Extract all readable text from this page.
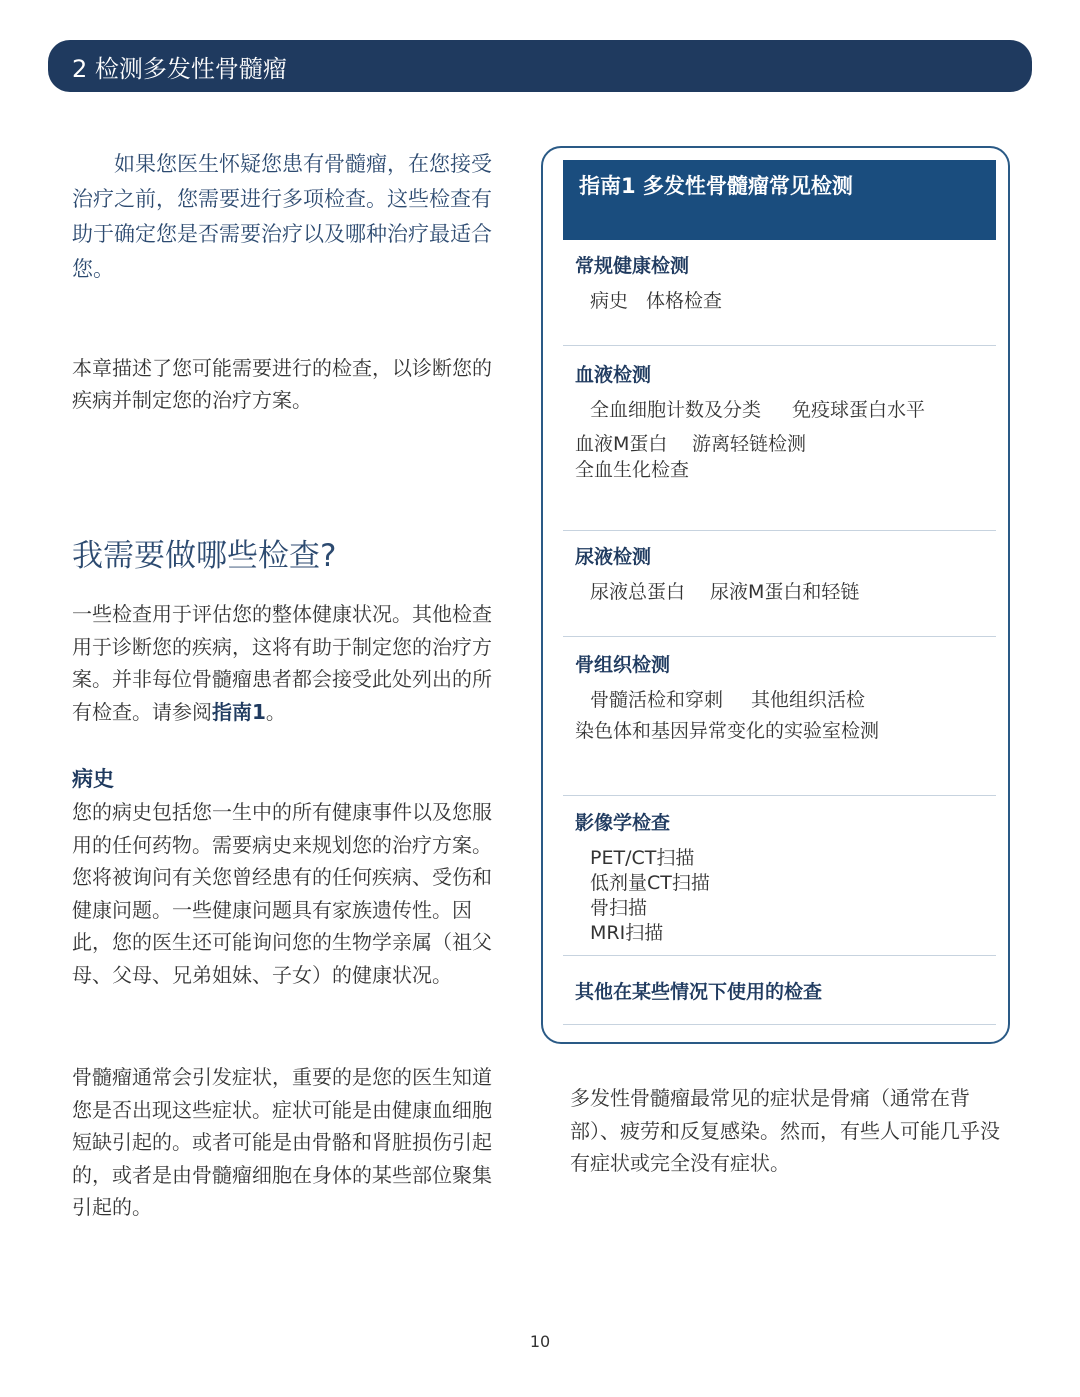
2 检测多发性骨髓瘤

如果您医生怀疑您患有骨髓瘤，在您接受治疗之前，您需要进行多项检查。这些检查有助于确定您是否需要治疗以及哪种治疗最适合您。

本章描述了您可能需要进行的检查，以诊断您的疾病并制定您的治疗方案。

我需要做哪些检查?

一些检查用于评估您的整体健康状况。其他检查用于诊断您的疾病，这将有助于制定您的治疗方案。并非每位骨髓瘤患者都会接受此处列出的所有检查。请参阅指南1。

病史

您的病史包括您一生中的所有健康事件以及您服用的任何药物。需要病史来规划您的治疗方案。您将被询问有关您曾经患有的任何疾病、受伤和健康问题。一些健康问题具有家族遗传性。因此，您的医生还可能询问您的生物学亲属（祖父母、父母、兄弟姐妹、子女）的健康状况。

骨髓瘤通常会引发症状，重要的是您的医生知道您是否出现这些症状。症状可能是由健康血细胞短缺引起的。或者可能是由骨骼和肾脏损伤引起的，或者是由骨髓瘤细胞在身体的某些部位聚集引起的。

指南1 多发性骨髓瘤常见检测
常规健康检测
病史 体格检查
血液检测
全血细胞计数及分类 免疫球蛋白水平
血液M蛋白 游离轻链检测
全血生化检查
尿液检测
尿液总蛋白 尿液M蛋白和轻链
骨组织检测
骨髓活检和穿刺 其他组织活检
染色体和基因异常变化的实验室检测
影像学检查
PET/CT扫描
低剂量CT扫描
骨扫描
MRI扫描
其他在某些情况下使用的检查

多发性骨髓瘤最常见的症状是骨痛（通常在背部）、疲劳和反复感染。然而，有些人可能几乎没有症状或完全没有症状。

10
